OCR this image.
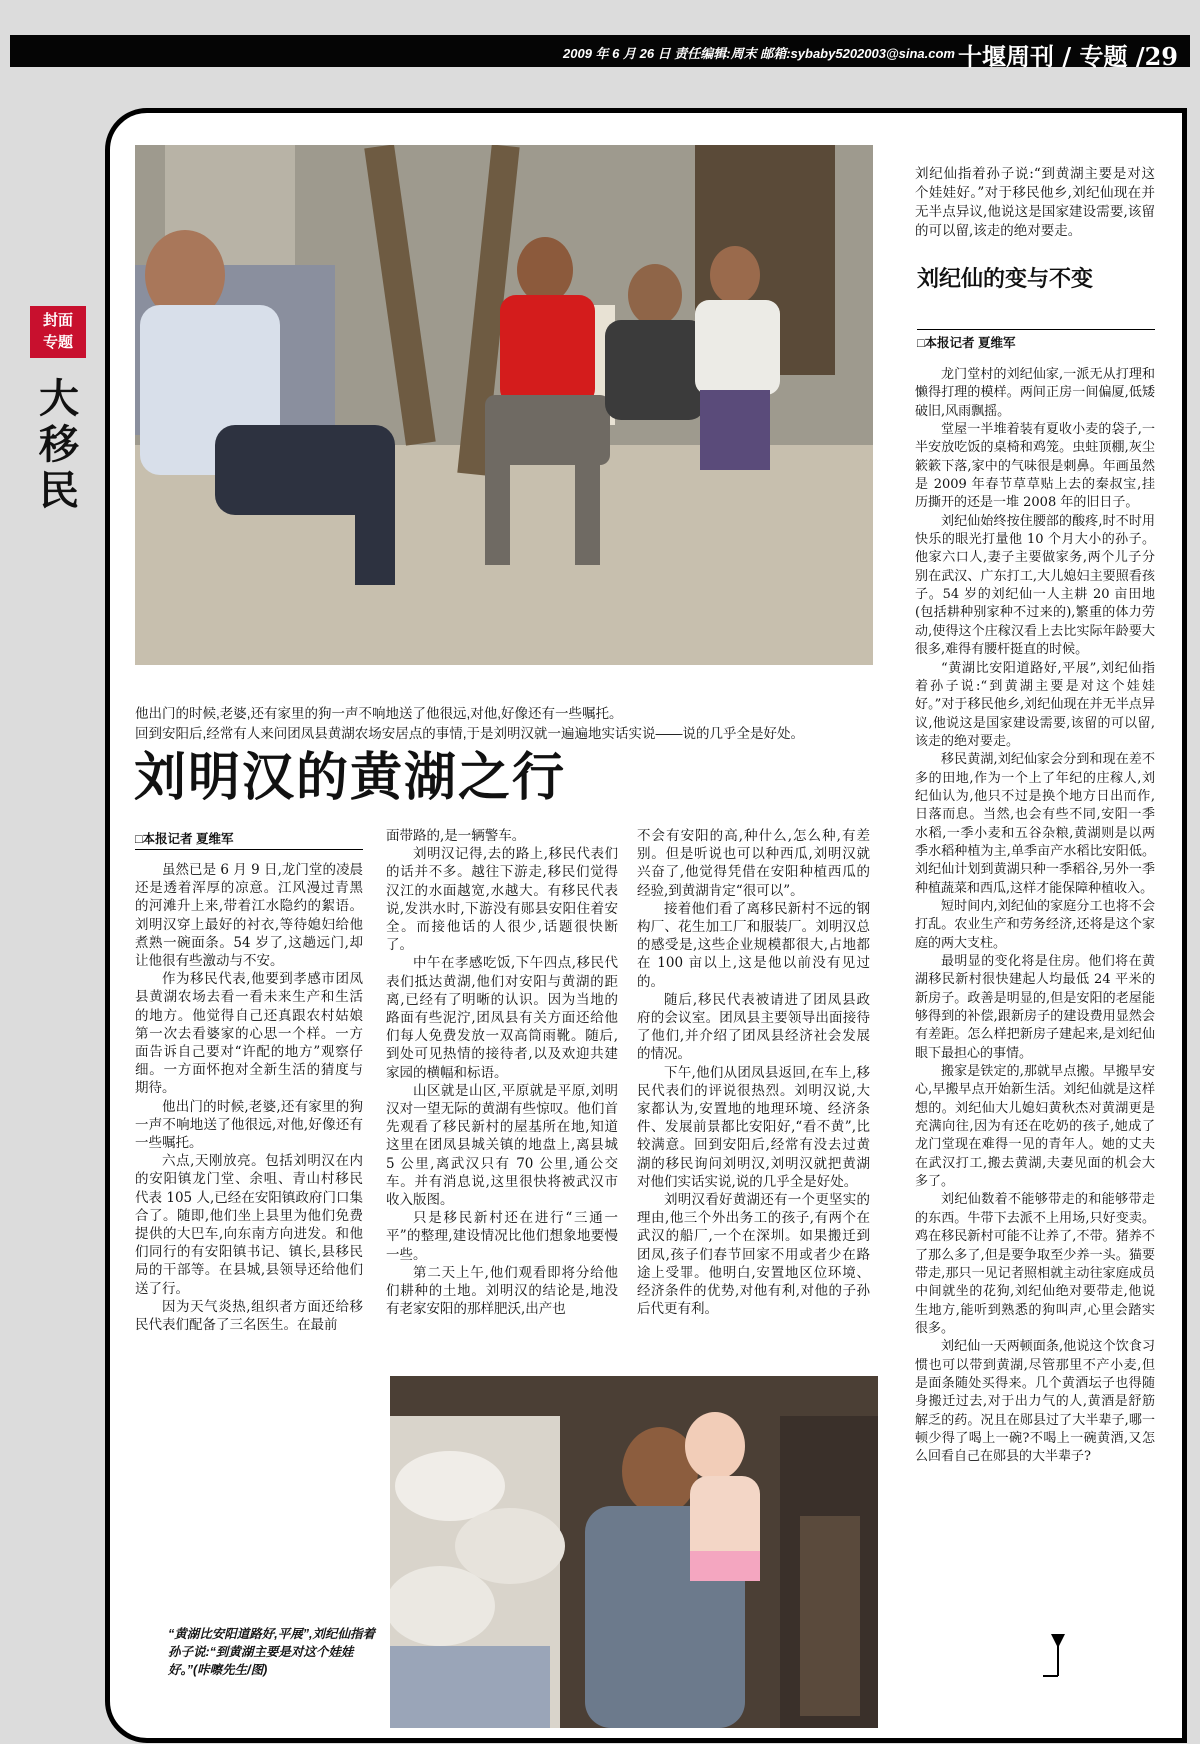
2009 年 6 月 26 日 责任编辑:周末 邮箱:sybaby5202003@sina.com 十堰周刊 / 专题 /29
封面
专题
大移民
他出门的时候,老婆,还有家里的狗一声不响地送了他很远,对他,好像还有一些嘱托。
回到安阳后,经常有人来问团凤县黄湖农场安居点的事情,于是刘明汉就一遍遍地实话实说——说的几乎全是好处。
刘明汉的黄湖之行
□本报记者 夏维军

虽然已是 6 月 9 日,龙门堂的凌晨还是透着浑厚的凉意。江风漫过青黑的河滩升上来,带着江水隐约的絮语。刘明汉穿上最好的衬衣,等待媳妇给他煮熟一碗面条。54 岁了,这趟远门,却让他很有些激动与不安。

作为移民代表,他要到孝感市团凤县黄湖农场去看一看未来生产和生活的地方。他觉得自己还真跟农村姑娘第一次去看婆家的心思一个样。一方面告诉自己要对“许配的地方”观察仔细。一方面怀抱对全新生活的猜度与期待。

他出门的时候,老婆,还有家里的狗一声不响地送了他很远,对他,好像还有一些嘱托。

六点,天刚放亮。包括刘明汉在内的安阳镇龙门堂、余咀、青山村移民代表 105 人,已经在安阳镇政府门口集合了。随即,他们坐上县里为他们免费提供的大巴车,向东南方向进发。和他们同行的有安阳镇书记、镇长,县移民局的干部等。在县城,县领导还给他们送了行。

因为天气炎热,组织者方面还给移民代表们配备了三名医生。在最前

面带路的,是一辆警车。

刘明汉记得,去的路上,移民代表们的话并不多。越往下游走,移民们觉得汉江的水面越宽,水越大。有移民代表说,发洪水时,下游没有郧县安阳住着安全。而接他话的人很少,话题很快断了。

中午在孝感吃饭,下午四点,移民代表们抵达黄湖,他们对安阳与黄湖的距离,已经有了明晰的认识。因为当地的路面有些泥泞,团凤县有关方面还给他们每人免费发放一双高筒雨靴。随后,到处可见热情的接待者,以及欢迎共建家园的横幅和标语。

山区就是山区,平原就是平原,刘明汉对一望无际的黄湖有些惊叹。他们首先观看了移民新村的屋基所在地,知道这里在团凤县城关镇的地盘上,离县城 5 公里,离武汉只有 70 公里,通公交车。并有消息说,这里很快将被武汉市收入版图。

只是移民新村还在进行“三通一平”的整理,建设情况比他们想象地要慢一些。

第二天上午,他们观看即将分给他们耕种的土地。刘明汉的结论是,地没有老家安阳的那样肥沃,出产也

不会有安阳的高,种什么,怎么种,有差别。但是听说也可以种西瓜,刘明汉就兴奋了,他觉得凭借在安阳种植西瓜的经验,到黄湖肯定“很可以”。

接着他们看了离移民新村不远的钢构厂、花生加工厂和服装厂。刘明汉总的感受是,这些企业规模都很大,占地都在 100 亩以上,这是他以前没有见过的。

随后,移民代表被请进了团凤县政府的会议室。团凤县主要领导出面接待了他们,并介绍了团凤县经济社会发展的情况。

下午,他们从团凤县返回,在车上,移民代表们的评说很热烈。刘明汉说,大家都认为,安置地的地理环境、经济条件、发展前景都比安阳好,“看不黄”,比较满意。回到安阳后,经常有没去过黄湖的移民询问刘明汉,刘明汉就把黄湖对他们实话实说,说的几乎全是好处。

刘明汉看好黄湖还有一个更坚实的理由,他三个外出务工的孩子,有两个在武汉的船厂,一个在深圳。如果搬迁到团凤,孩子们春节回家不用或者少在路途上受罪。他明白,安置地区位环境、经济条件的优势,对他有利,对他的子孙后代更有利。

“黄湖比安阳道路好,平展”,刘纪仙指着孙子说:“到黄湖主要是对这个娃娃好。”(咔嚓先生/图)
刘纪仙指着孙子说:“到黄湖主要是对这个娃娃好。”对于移民他乡,刘纪仙现在并无半点异议,他说这是国家建设需要,该留的可以留,该走的绝对要走。
刘纪仙的变与不变
□本报记者 夏维军

龙门堂村的刘纪仙家,一派无从打理和懒得打理的模样。两间正房一间偏厦,低矮破旧,风雨飘摇。

堂屋一半堆着装有夏收小麦的袋子,一半安放吃饭的桌椅和鸡笼。虫蛀顶棚,灰尘簌簌下落,家中的气味很是刺鼻。年画虽然是 2009 年春节草草贴上去的秦叔宝,挂历撕开的还是一堆 2008 年的旧日子。

刘纪仙始终按住腰部的酸疼,时不时用快乐的眼光打量他 10 个月大小的孙子。他家六口人,妻子主要做家务,两个儿子分别在武汉、广东打工,大儿媳妇主要照看孩子。54 岁的刘纪仙一人主耕 20 亩田地(包括耕种别家种不过来的),繁重的体力劳动,使得这个庄稼汉看上去比实际年龄要大很多,难得有腰杆挺直的时候。

“黄湖比安阳道路好,平展”,刘纪仙指着孙子说:“到黄湖主要是对这个娃娃好。”对于移民他乡,刘纪仙现在并无半点异议,他说这是国家建设需要,该留的可以留,该走的绝对要走。

移民黄湖,刘纪仙家会分到和现在差不多的田地,作为一个上了年纪的庄稼人,刘纪仙认为,他只不过是换个地方日出而作,日落而息。当然,也会有些不同,安阳一季水稻,一季小麦和五谷杂粮,黄湖则是以两季水稻种植为主,单季亩产水稻比安阳低。刘纪仙计划到黄湖只种一季稻谷,另外一季种植蔬菜和西瓜,这样才能保障种植收入。

短时间内,刘纪仙的家庭分工也将不会打乱。农业生产和劳务经济,还将是这个家庭的两大支柱。

最明显的变化将是住房。他们将在黄湖移民新村很快建起人均最低 24 平米的新房子。政善是明显的,但是安阳的老屋能够得到的补偿,跟新房子的建设费用显然会有差距。怎么样把新房子建起来,是刘纪仙眼下最担心的事情。

搬家是铁定的,那就早点搬。早搬早安心,早搬早点开始新生活。刘纪仙就是这样想的。刘纪仙大儿媳妇黄秋杰对黄湖更是充满向往,因为有还在吃奶的孩子,她成了龙门堂现在难得一见的青年人。她的丈夫在武汉打工,搬去黄湖,夫妻见面的机会大多了。

刘纪仙数着不能够带走的和能够带走的东西。牛带下去派不上用场,只好变卖。鸡在移民新村可能不让养了,不带。猪养不了那么多了,但是要争取至少养一头。猫要带走,那只一见记者照相就主动往家庭成员中间就坐的花狗,刘纪仙绝对要带走,他说生地方,能听到熟悉的狗叫声,心里会踏实很多。

刘纪仙一天两顿面条,他说这个饮食习惯也可以带到黄湖,尽管那里不产小麦,但是面条随处买得来。几个黄酒坛子也得随身搬迁过去,对于出力气的人,黄酒是舒筋解乏的药。况且在郧县过了大半辈子,哪一顿少得了喝上一碗?不喝上一碗黄酒,又怎么回看自己在郧县的大半辈子?
